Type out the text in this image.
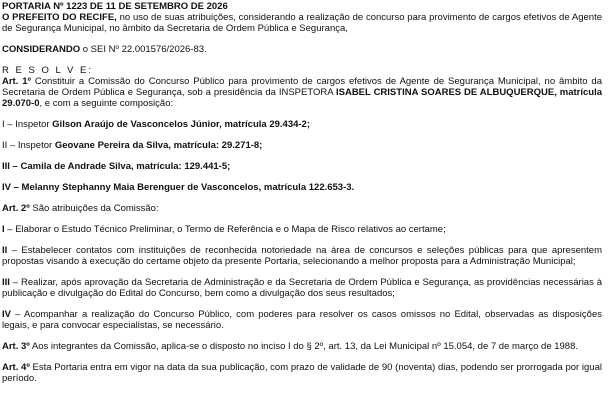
PORTARIA Nº 1223 DE 11 DE SETEMBRO DE 2026

O PREFEITO DO RECIFE, no uso de suas atribuições, considerando a realização de concurso para provimento de cargos efetivos de Agente de Segurança Municipal, no âmbito da Secretaria de Ordem Pública e Segurança,

CONSIDERANDO o SEI Nº 22.001576/2026-83.

R E S O L V E:

Art. 1º Constituir a Comissão do Concurso Público para provimento de cargos efetivos de Agente de Segurança Municipal, no âmbito da Secretaria de Ordem Pública e Segurança, sob a presidência da INSPETORA ISABEL CRISTINA SOARES DE ALBUQUERQUE, matrícula 29.070-0, e com a seguinte composição:

I – Inspetor Gilson Araújo de Vasconcelos Júnior, matrícula 29.434-2;

II – Inspetor Geovane Pereira da Silva, matrícula: 29.271-8;

III – Camila de Andrade Silva, matrícula: 129.441-5;

IV – Melanny Stephanny Maia Berenguer de Vasconcelos, matrícula 122.653-3.

Art. 2º São atribuições da Comissão:

I – Elaborar o Estudo Técnico Preliminar, o Termo de Referência e o Mapa de Risco relativos ao certame;

II – Estabelecer contatos com instituições de reconhecida notoriedade na área de concursos e seleções públicas para que apresentem propostas visando à execução do certame objeto da presente Portaria, selecionando a melhor proposta para a Administração Municipal;

III – Realizar, após aprovação da Secretaria de Administração e da Secretaria de Ordem Pública e Segurança, as providências necessárias à publicação e divulgação do Edital do Concurso, bem como a divulgação dos seus resultados;

IV – Acompanhar a realização do Concurso Público, com poderes para resolver os casos omissos no Edital, observadas as disposições legais, e para convocar especialistas, se necessário.

Art. 3º Aos integrantes da Comissão, aplica-se o disposto no inciso I do § 2º, art. 13, da Lei Municipal nº 15.054, de 7 de março de 1988.

Art. 4º Esta Portaria entra em vigor na data da sua publicação, com prazo de validade de 90 (noventa) dias, podendo ser prorrogada por igual período.
